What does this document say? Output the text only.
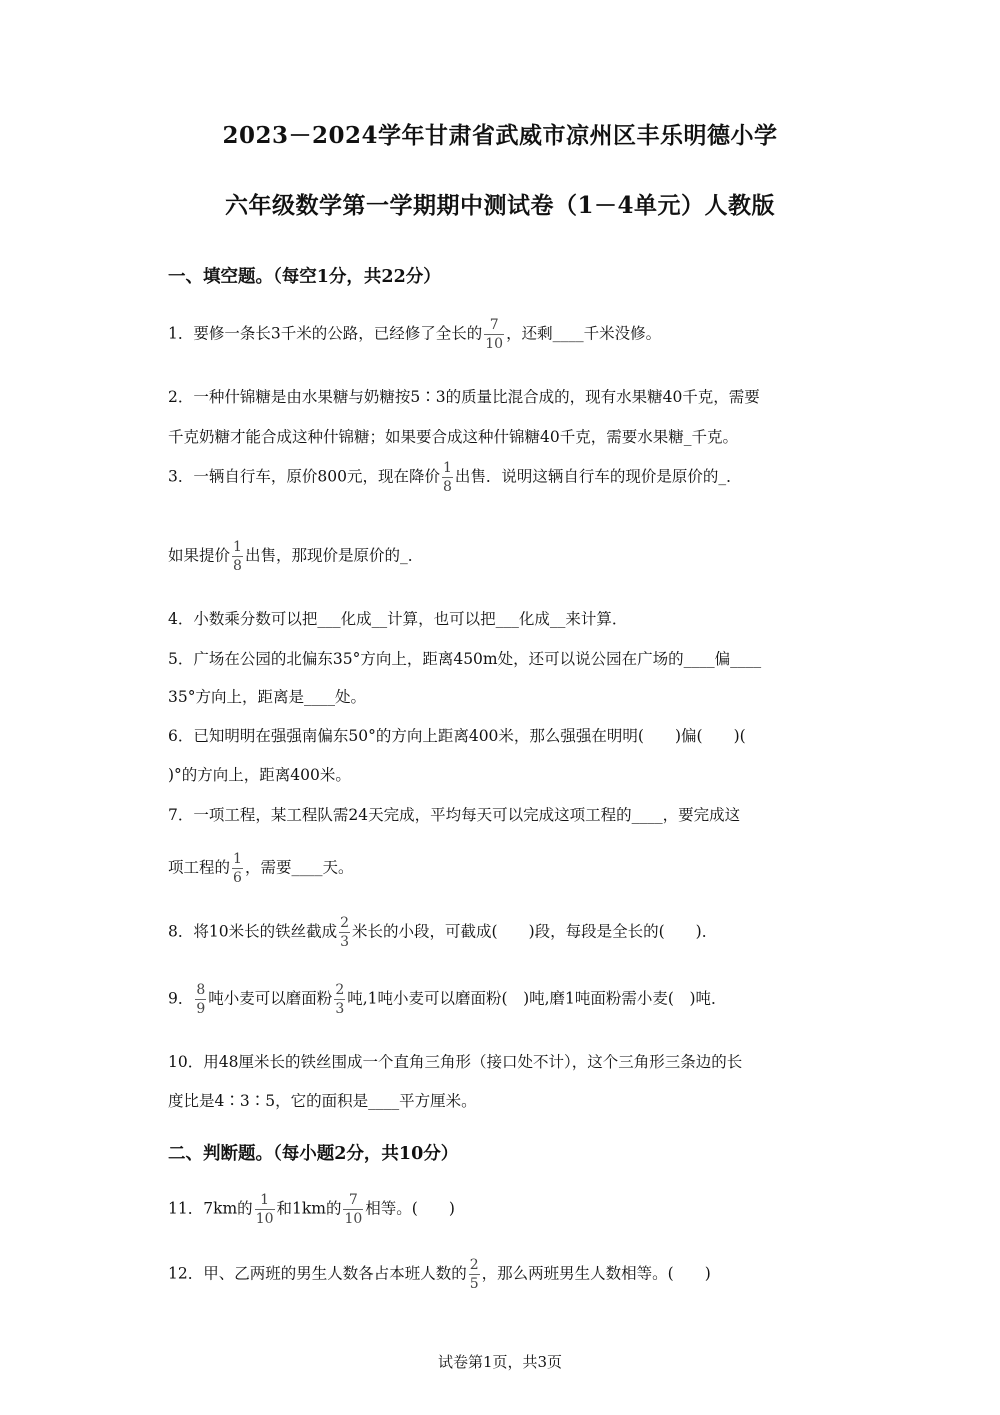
2023－2024学年甘肃省武威市凉州区丰乐明德小学
六年级数学第一学期期中测试卷（1－4单元）人教版
一、填空题。（每空1分，共22分）
1．要修一条长3千米的公路，已经修了全长的 $\frac{7}{10}$ ，还剩____千米没修。
2．一种什锦糖是由水果糖与奶糖按5∶3的质量比混合成的，现有水果糖40千克，需要
千克奶糖才能合成这种什锦糖；如果要合成这种什锦糖40千克，需要水果糖_千克。
3．一辆自行车，原价800元，现在降价 $\frac{1}{8}$ 出售．说明这辆自行车的现价是原价的_．
如果提价 $\frac{1}{8}$ 出售，那现价是原价的_．
4．小数乘分数可以把___化成__计算，也可以把___化成__来计算．
5．广场在公园的北偏东35°方向上，距离450m处，还可以说公园在广场的____偏____
35°方向上，距离是____处。
6．已知明明在强强南偏东50°的方向上距离400米，那么强强在明明(　　)偏(　　)(
)°的方向上，距离400米。
7．一项工程，某工程队需24天完成，平均每天可以完成这项工程的____，要完成这
项工程的 $\frac{1}{6}$ ，需要____天。
8．将10米长的铁丝截成 $\frac{2}{3}$ 米长的小段，可截成(　　)段，每段是全长的(　　)．
9． $\frac{8}{9}$ 吨小麦可以磨面粉 $\frac{2}{3}$ 吨,1吨小麦可以磨面粉(　)吨,磨1吨面粉需小麦(　)吨．
10．用48厘米长的铁丝围成一个直角三角形（接口处不计），这个三角形三条边的长
度比是4∶3∶5，它的面积是____平方厘米。
二、判断题。（每小题2分，共10分）
11．7km的 $\frac{1}{10}$ 和1km的 $\frac{7}{10}$ 相等。(　　)
12．甲、乙两班的男生人数各占本班人数的 $\frac{2}{5}$ ，那么两班男生人数相等。(　　)
试卷第1页，共3页
